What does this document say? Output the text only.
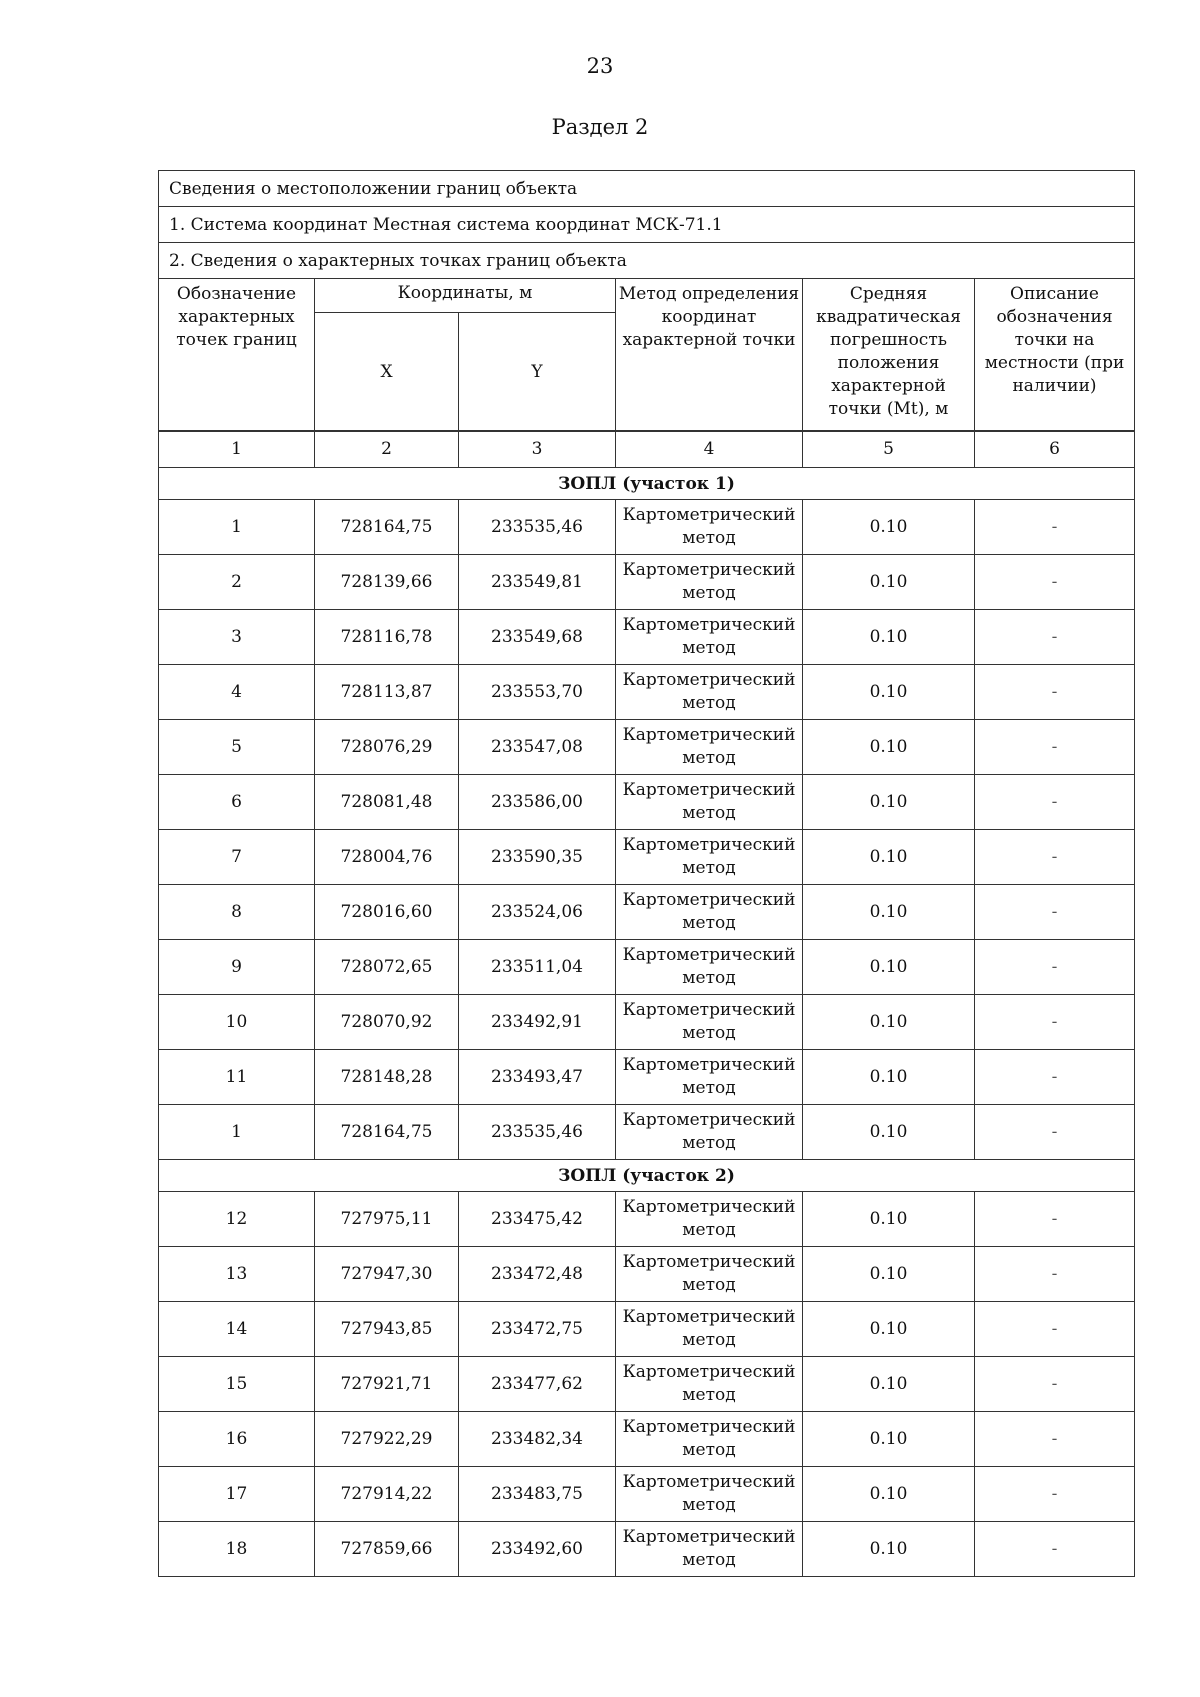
23
Раздел 2
Сведения о местоположении границ объекта					
1. Система координат Местная система координат МСК-71.1					
2. Сведения о характерных точках границ объекта					
Обозначение характерных точек границ	Координаты, м		Метод определения координат характерной точки	Средняя квадратическая погрешность положения характерной точки (Mt), м	Описание обозначения точки на местности (при наличии)
	X	Y			
1	2	3	4	5	6
ЗОПЛ (участок 1)					
1	728164,75	233535,46	Картометрический метод	0.10	-
2	728139,66	233549,81	Картометрический метод	0.10	-
3	728116,78	233549,68	Картометрический метод	0.10	-
4	728113,87	233553,70	Картометрический метод	0.10	-
5	728076,29	233547,08	Картометрический метод	0.10	-
6	728081,48	233586,00	Картометрический метод	0.10	-
7	728004,76	233590,35	Картометрический метод	0.10	-
8	728016,60	233524,06	Картометрический метод	0.10	-
9	728072,65	233511,04	Картометрический метод	0.10	-
10	728070,92	233492,91	Картометрический метод	0.10	-
11	728148,28	233493,47	Картометрический метод	0.10	-
1	728164,75	233535,46	Картометрический метод	0.10	-
ЗОПЛ (участок 2)					
12	727975,11	233475,42	Картометрический метод	0.10	-
13	727947,30	233472,48	Картометрический метод	0.10	-
14	727943,85	233472,75	Картометрический метод	0.10	-
15	727921,71	233477,62	Картометрический метод	0.10	-
16	727922,29	233482,34	Картометрический метод	0.10	-
17	727914,22	233483,75	Картометрический метод	0.10	-
18	727859,66	233492,60	Картометрический метод	0.10	-
